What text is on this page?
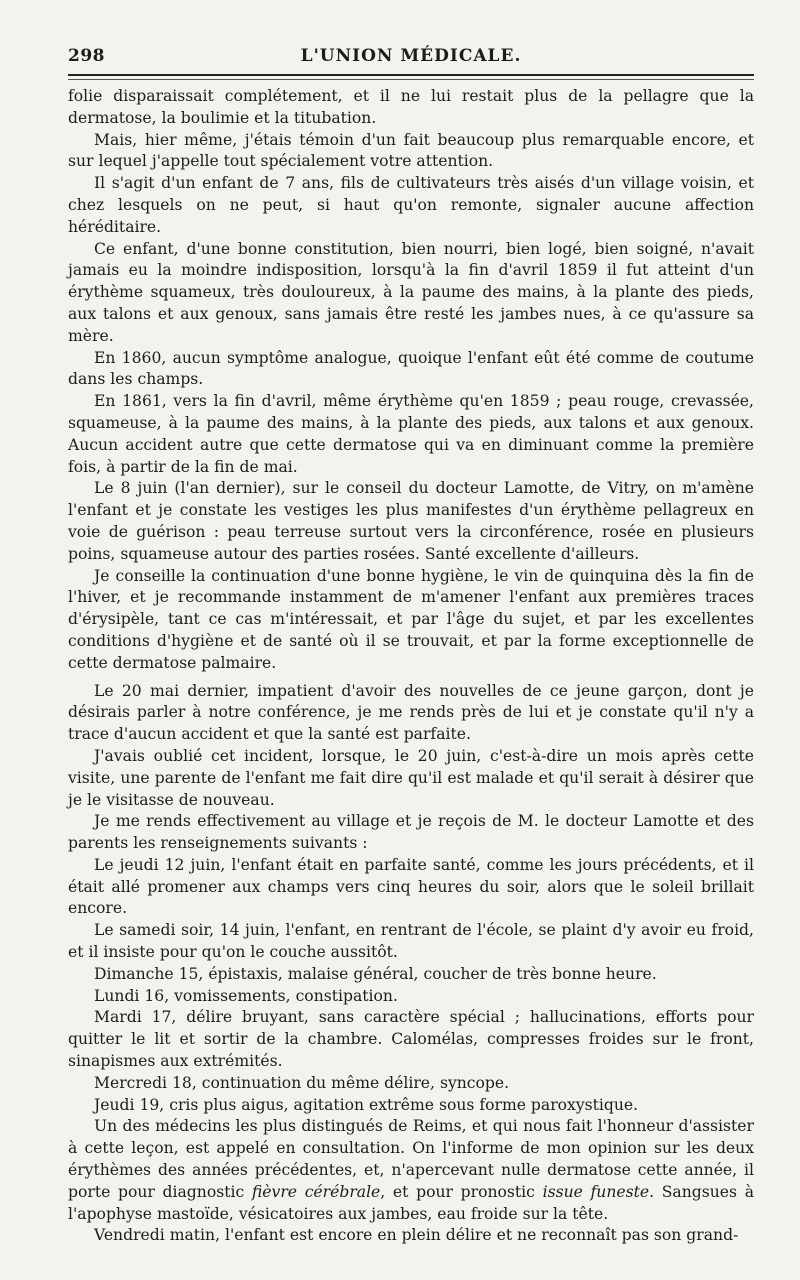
298	L'UNION MÉDICALE.

folie disparaissait complétement, et il ne lui restait plus de la pellagre que la dermatose, la boulimie et la titubation.

Mais, hier même, j'étais témoin d'un fait beaucoup plus remarquable encore, et sur lequel j'appelle tout spécialement votre attention.

Il s'agit d'un enfant de 7 ans, fils de cultivateurs très aisés d'un village voisin, et chez lesquels on ne peut, si haut qu'on remonte, signaler aucune affection héréditaire.

Ce enfant, d'une bonne constitution, bien nourri, bien logé, bien soigné, n'avait jamais eu la moindre indisposition, lorsqu'à la fin d'avril 1859 il fut atteint d'un érythème squameux, très douloureux, à la paume des mains, à la plante des pieds, aux talons et aux genoux, sans jamais être resté les jambes nues, à ce qu'assure sa mère.

En 1860, aucun symptôme analogue, quoique l'enfant eût été comme de coutume dans les champs.

En 1861, vers la fin d'avril, même érythème qu'en 1859 ; peau rouge, crevassée, squameuse, à la paume des mains, à la plante des pieds, aux talons et aux genoux. Aucun accident autre que cette dermatose qui va en diminuant comme la première fois, à partir de la fin de mai.

Le 8 juin (l'an dernier), sur le conseil du docteur Lamotte, de Vitry, on m'amène l'enfant et je constate les vestiges les plus manifestes d'un érythème pellagreux en voie de guérison : peau terreuse surtout vers la circonférence, rosée en plusieurs poins, squameuse autour des parties rosées. Santé excellente d'ailleurs.

Je conseille la continuation d'une bonne hygiène, le vin de quinquina dès la fin de l'hiver, et je recommande instamment de m'amener l'enfant aux premières traces d'érysipèle, tant ce cas m'intéressait, et par l'âge du sujet, et par les excellentes conditions d'hygiène et de santé où il se trouvait, et par la forme exceptionnelle de cette dermatose palmaire.

Le 20 mai dernier, impatient d'avoir des nouvelles de ce jeune garçon, dont je désirais parler à notre conférence, je me rends près de lui et je constate qu'il n'y a trace d'aucun accident et que la santé est parfaite.

J'avais oublié cet incident, lorsque, le 20 juin, c'est-à-dire un mois après cette visite, une parente de l'enfant me fait dire qu'il est malade et qu'il serait à désirer que je le visitasse de nouveau.

Je me rends effectivement au village et je reçois de M. le docteur Lamotte et des parents les renseignements suivants :

Le jeudi 12 juin, l'enfant était en parfaite santé, comme les jours précédents, et il était allé promener aux champs vers cinq heures du soir, alors que le soleil brillait encore.

Le samedi soir, 14 juin, l'enfant, en rentrant de l'école, se plaint d'y avoir eu froid, et il insiste pour qu'on le couche aussitôt.

Dimanche 15, épistaxis, malaise général, coucher de très bonne heure.

Lundi 16, vomissements, constipation.

Mardi 17, délire bruyant, sans caractère spécial ; hallucinations, efforts pour quitter le lit et sortir de la chambre. Calomélas, compresses froides sur le front, sinapismes aux extrémités.

Mercredi 18, continuation du même délire, syncope.

Jeudi 19, cris plus aigus, agitation extrême sous forme paroxystique.

Un des médecins les plus distingués de Reims, et qui nous fait l'honneur d'assister à cette leçon, est appelé en consultation. On l'informe de mon opinion sur les deux érythèmes des années précédentes, et, n'apercevant nulle dermatose cette année, il porte pour diagnostic fièvre cérébrale, et pour pronostic issue funeste. Sangsues à l'apophyse mastoïde, vésicatoires aux jambes, eau froide sur la tête.

Vendredi matin, l'enfant est encore en plein délire et ne reconnaît pas son grand-
